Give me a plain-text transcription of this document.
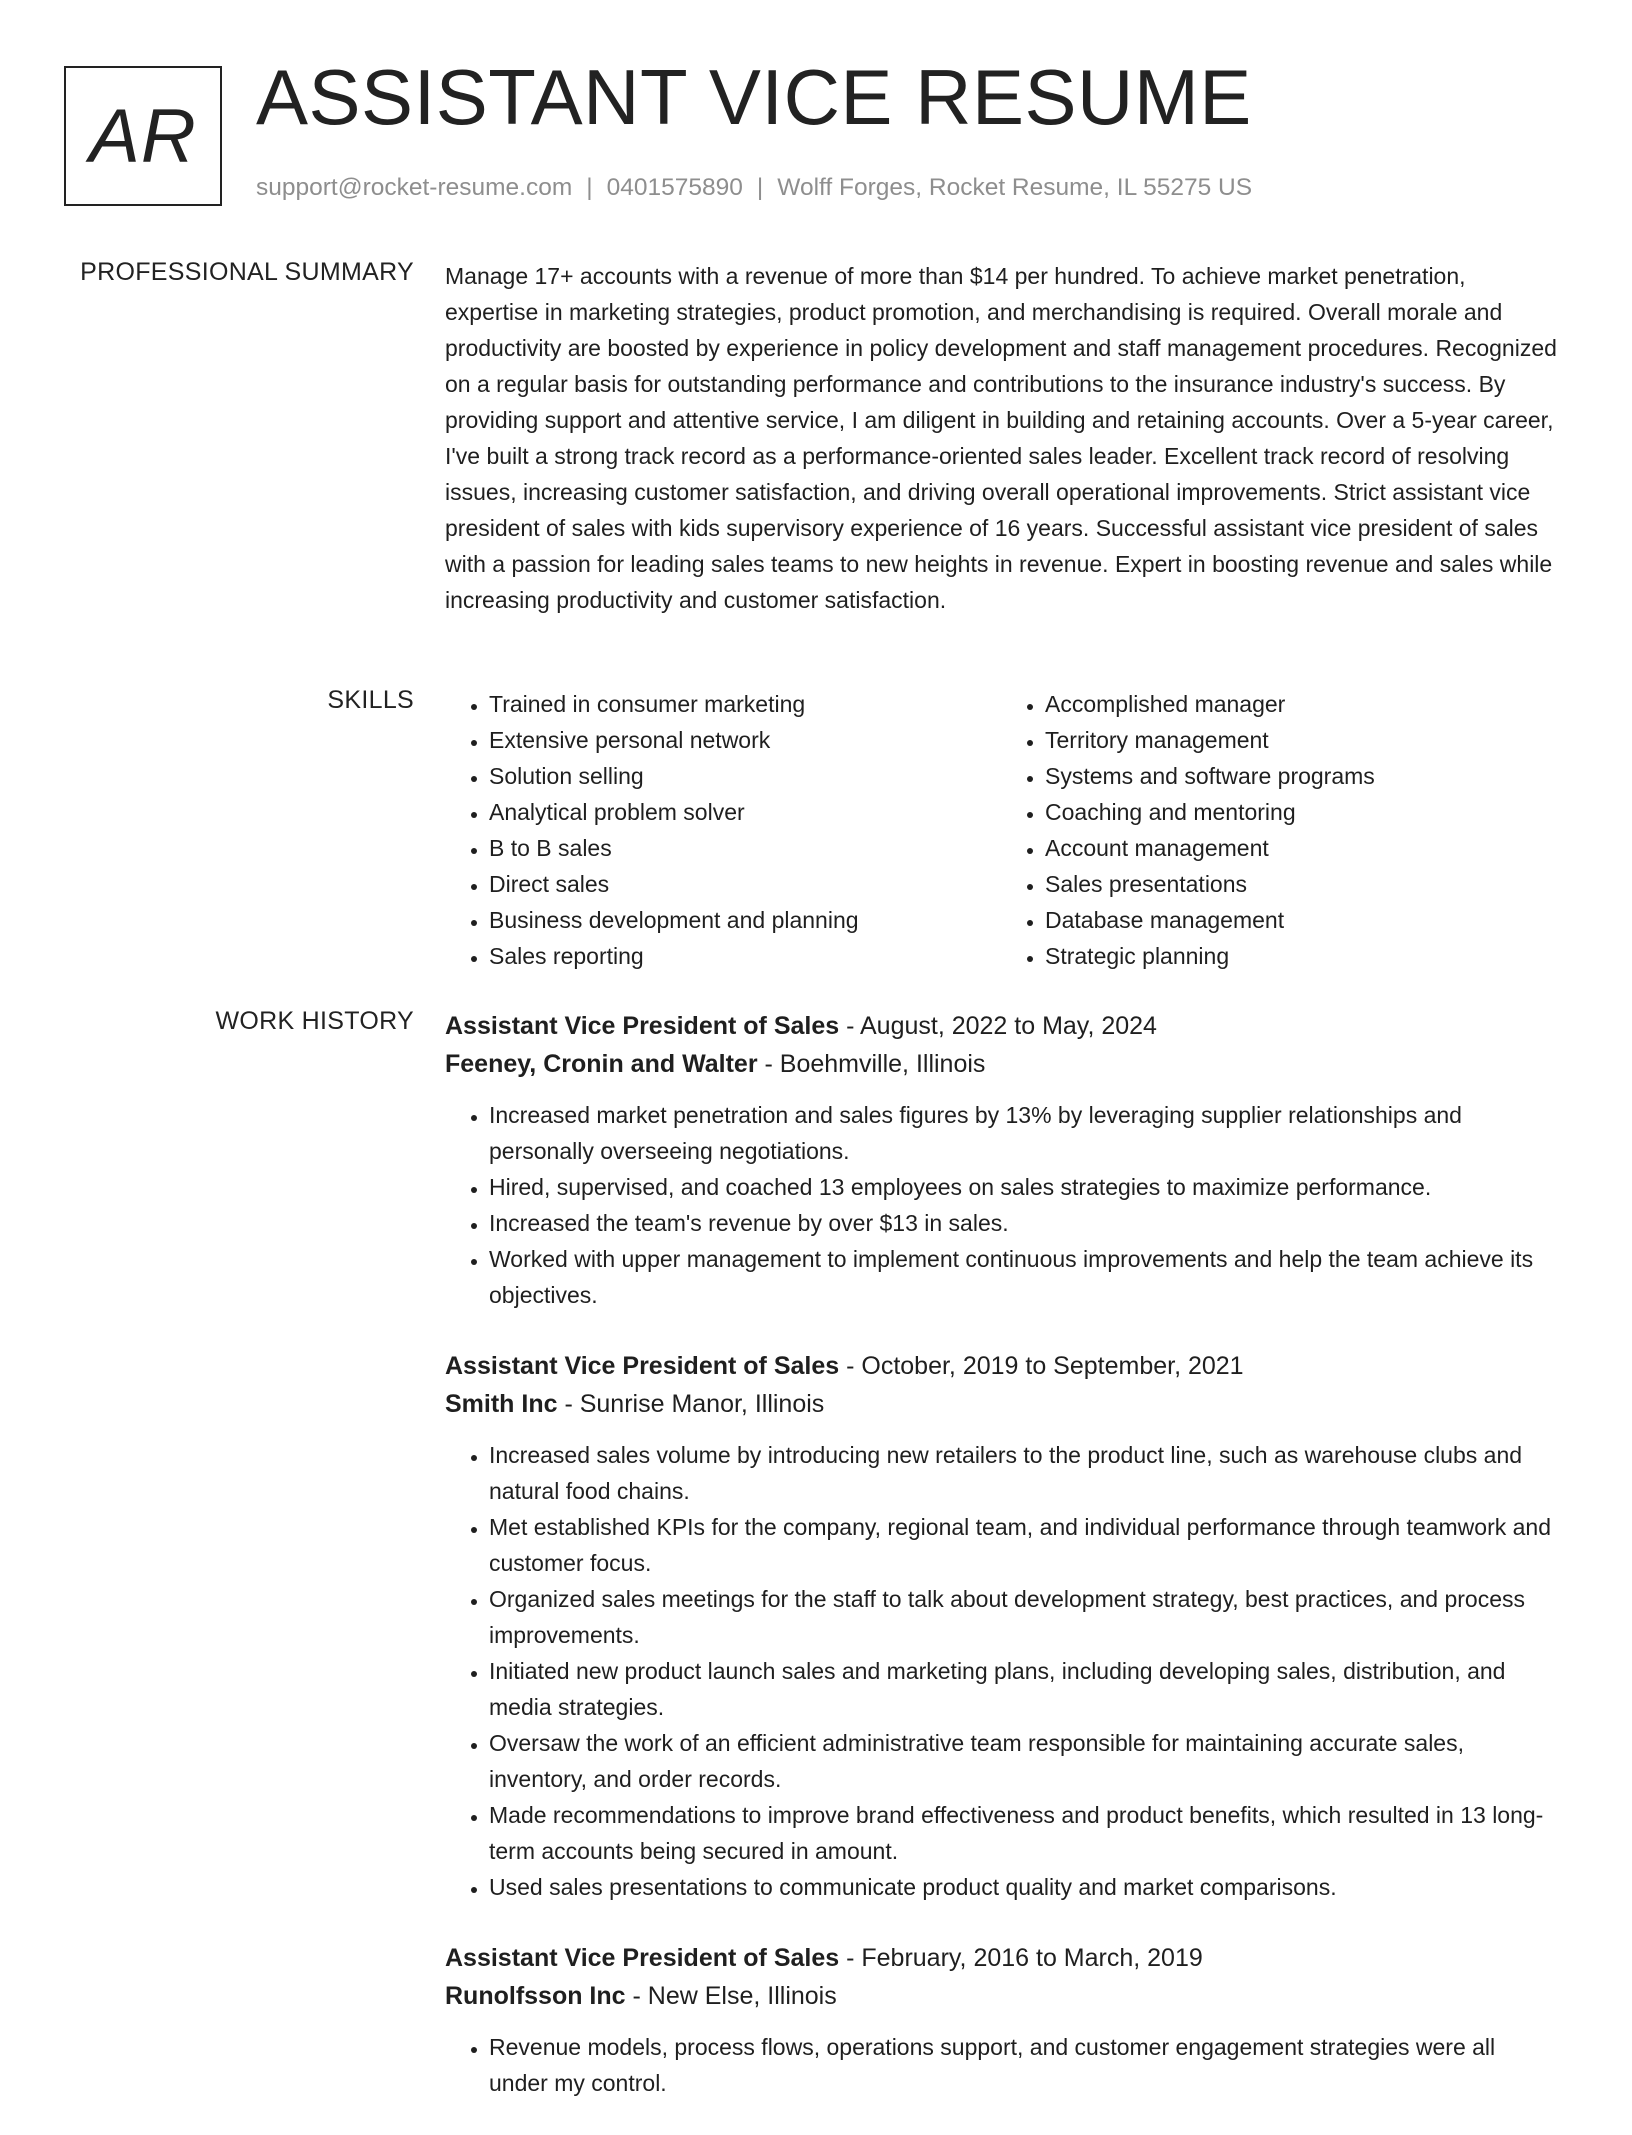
AR ASSISTANT VICE RESUME
support@rocket-resume.com | 0401575890 | Wolff Forges, Rocket Resume, IL 55275 US
PROFESSIONAL SUMMARY Manage 17+ accounts with a revenue of more than $14 per hundred. To achieve market penetration, expertise in marketing strategies, product promotion, and merchandising is required. Overall morale and productivity are boosted by experience in policy development and staff management procedures. Recognized on a regular basis for outstanding performance and contributions to the insurance industry's success. By providing support and attentive service, I am diligent in building and retaining accounts. Over a 5-year career, I've built a strong track record as a performance-oriented sales leader. Excellent track record of resolving issues, increasing customer satisfaction, and driving overall operational improvements. Strict assistant vice president of sales with kids supervisory experience of 16 years. Successful assistant vice president of sales with a passion for leading sales teams to new heights in revenue. Expert in boosting revenue and sales while increasing productivity and customer satisfaction.

SKILLS
•	Trained in consumer marketing
• Extensive personal network
• Solution selling
• Analytical problem solver
• B to B sales
• Direct sales
• Business development and planning
• Sales reporting
• Accomplished manager
• Territory management
• Systems and software programs
• Coaching and mentoring
• Account management
• Sales presentations
• Database management
• Strategic planning
WORK HISTORY Assistant Vice President of Sales - August, 2022 to May, 2024
Feeney, Cronin and Walter - Boehmville, Illinois
• Increased market penetration and sales figures by 13% by leveraging supplier relationships and personally overseeing negotiations.
• Hired, supervised, and coached 13 employees on sales strategies to maximize performance.
• Increased the team's revenue by over $13 in sales.
• Worked with upper management to implement continuous improvements and help the team achieve its objectives.
Assistant Vice President of Sales - October, 2019 to September, 2021
Smith Inc - Sunrise Manor, Illinois
• Increased sales volume by introducing new retailers to the product line, such as warehouse clubs and natural food chains.
• Met established KPIs for the company, regional team, and individual performance through teamwork and customer focus.
• Organized sales meetings for the staff to talk about development strategy, best practices, and process improvements.
• Initiated new product launch sales and marketing plans, including developing sales, distribution, and media strategies.
• Oversaw the work of an efficient administrative team responsible for maintaining accurate sales, inventory, and order records.
• Made recommendations to improve brand effectiveness and product benefits, which resulted in 13 long-term accounts being secured in amount.
• Used sales presentations to communicate product quality and market comparisons.
Assistant Vice President of Sales - February, 2016 to March, 2019
Runolfsson Inc - New Else, Illinois
• Revenue models, process flows, operations support, and customer engagement strategies were all under my control.
